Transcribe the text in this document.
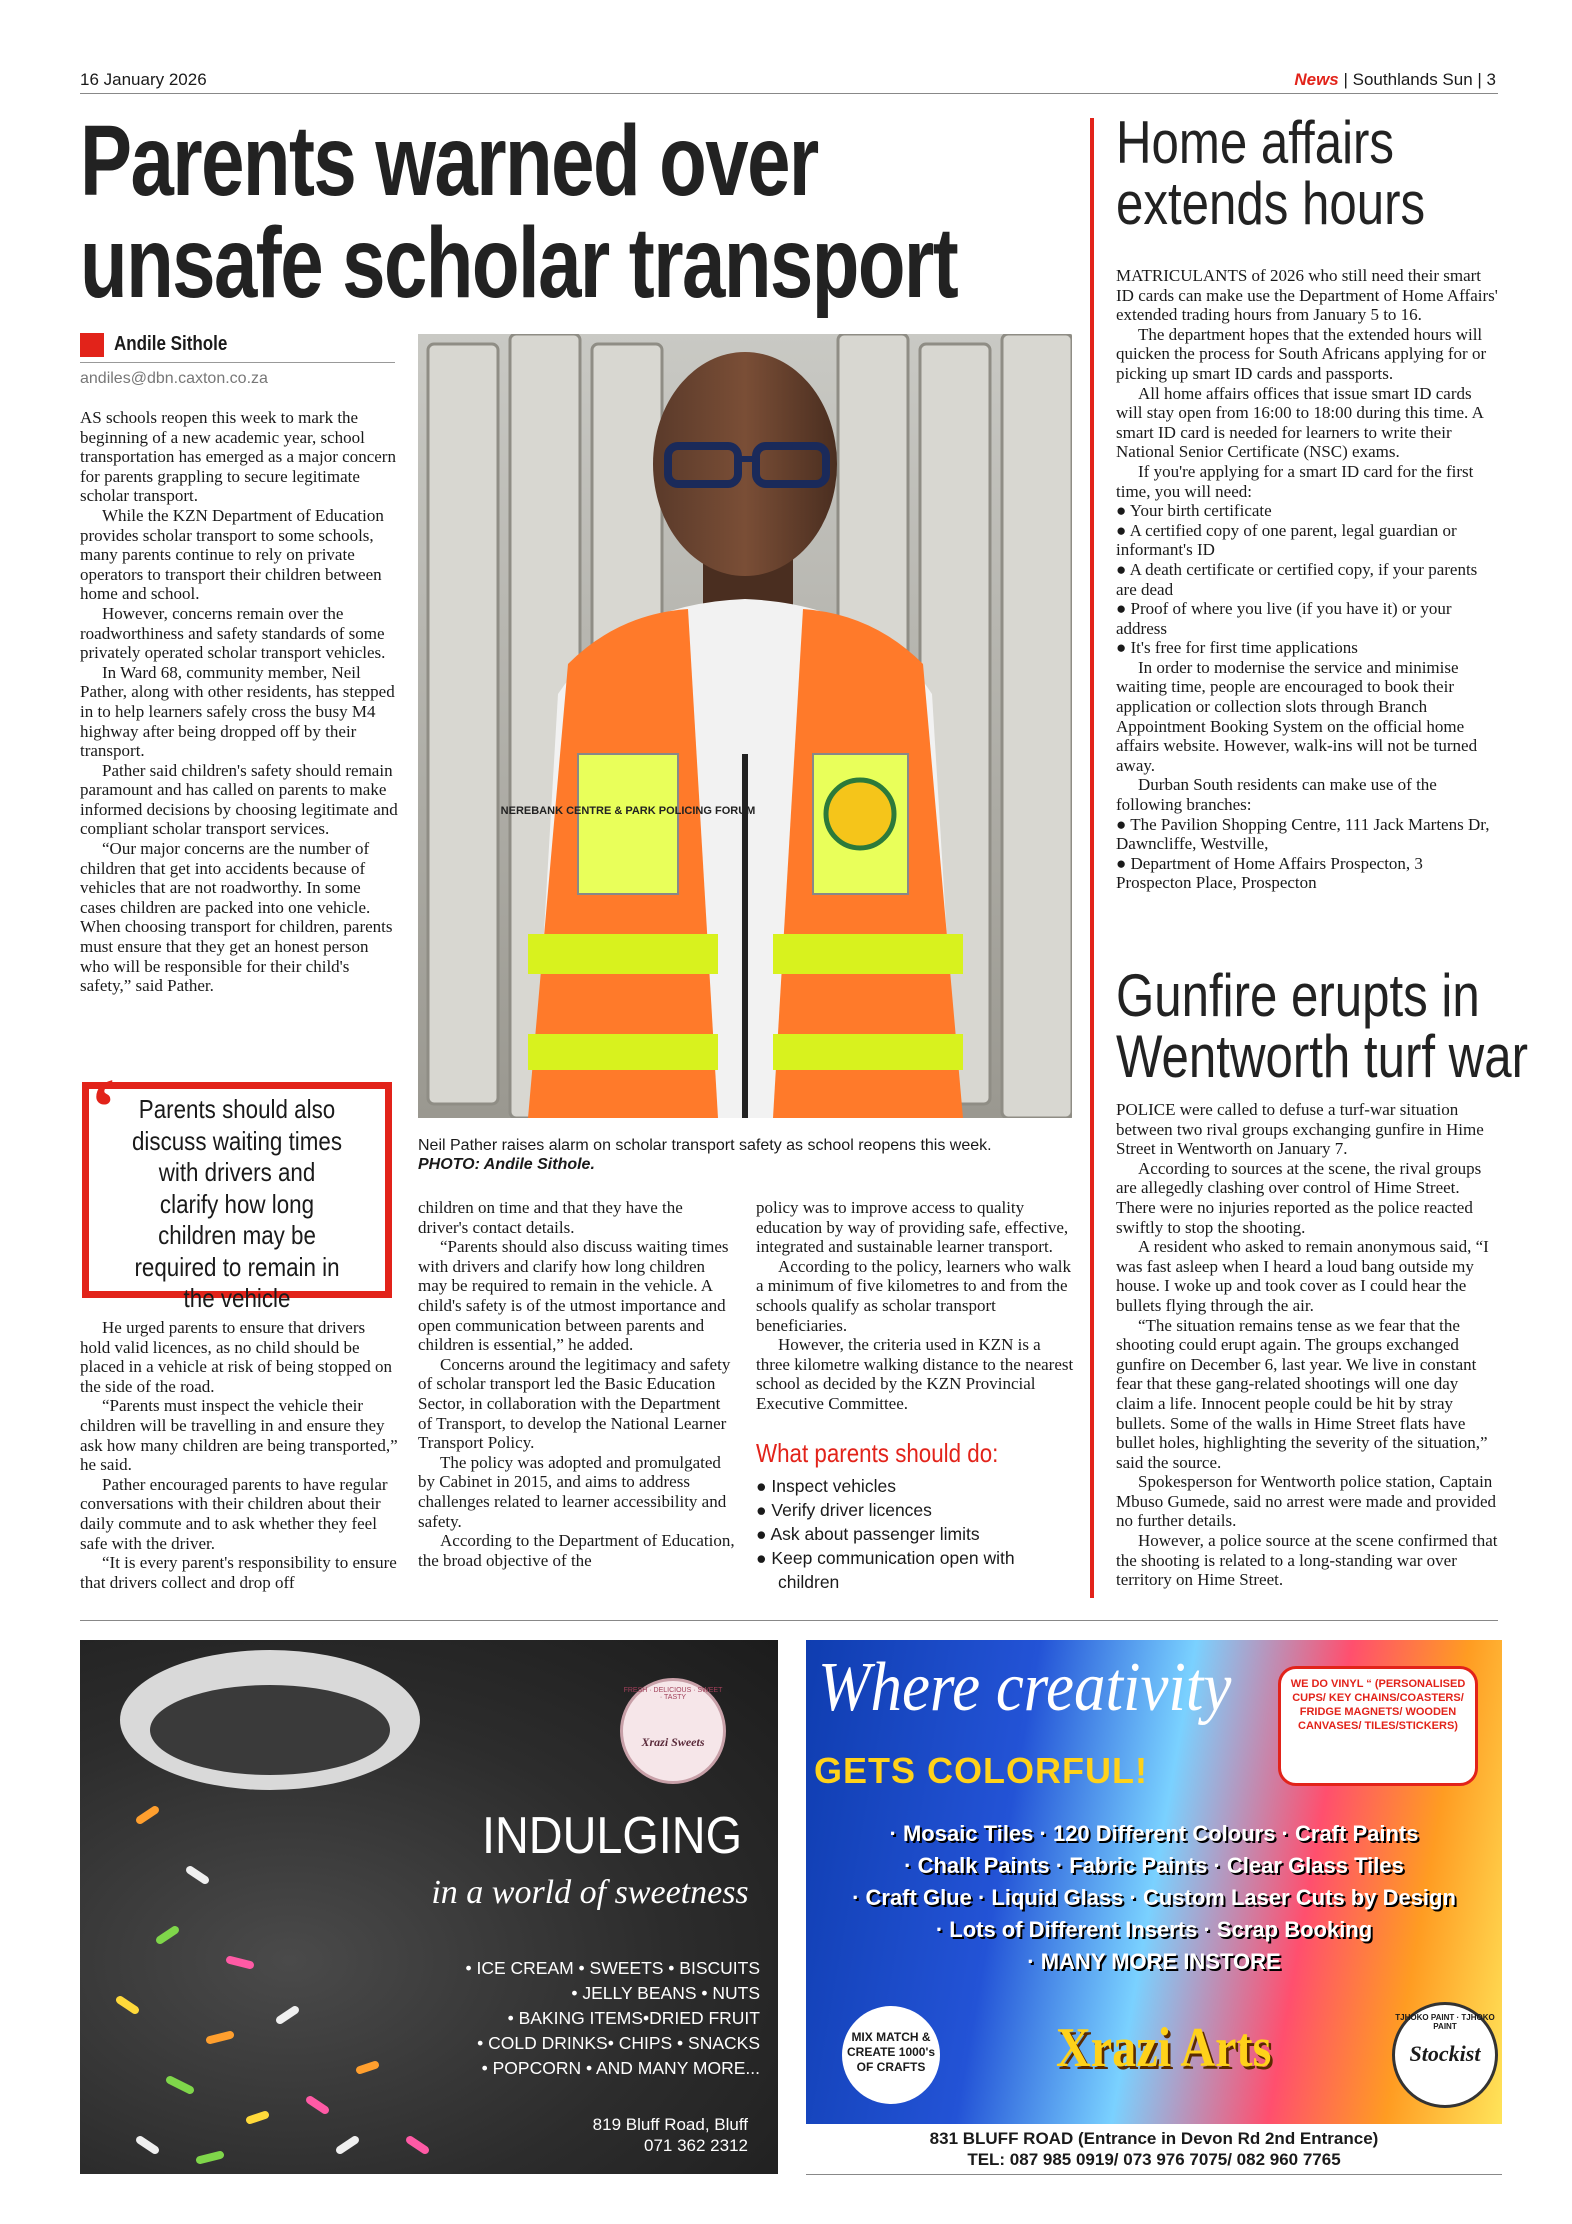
16 January 2026	News | Southlands Sun | 3
Parents warned over
unsafe scholar transport
Andile Sithole
andiles@dbn.caxton.co.za

AS schools reopen this week to mark the beginning of a new academic year, school transportation has emerged as a major concern for parents grappling to secure legitimate scholar transport.

While the KZN Department of Education provides scholar transport to some schools, many parents continue to rely on private operators to transport their children between home and school.

However, concerns remain over the roadworthiness and safety standards of some privately operated scholar transport vehicles.

In Ward 68, community member, Neil Pather, along with other residents, has stepped in to help learners safely cross the busy M4 highway after being dropped off by their transport.

Pather said children's safety should remain paramount and has called on parents to make informed decisions by choosing legitimate and compliant scholar transport services.

“Our major concerns are the number of children that get into accidents because of vehicles that are not roadworthy. In some cases children are packed into one vehicle. When choosing transport for children, parents must ensure that they get an honest person who will be responsible for their child's safety,” said Pather.

‘ Parents should also discuss waiting times with drivers and clarify how long children may be required to remain in the vehicle

He urged parents to ensure that drivers hold valid licences, as no child should be placed in a vehicle at risk of being stopped on the side of the road.

“Parents must inspect the vehicle their children will be travelling in and ensure they ask how many children are being transported,” he said.

Pather encouraged parents to have regular conversations with their children about their daily commute and to ask whether they feel safe with the driver.

“It is every parent's responsibility to ensure that drivers collect and drop off

NEREBANK CENTRE & PARK POLICING FORUM
Neil Pather raises alarm on scholar transport safety as school reopens this week.
PHOTO: Andile Sithole.

children on time and that they have the driver's contact details.

“Parents should also discuss waiting times with drivers and clarify how long children may be required to remain in the vehicle. A child's safety is of the utmost importance and open communication between parents and children is essential,” he added.

Concerns around the legitimacy and safety of scholar transport led the Basic Education Sector, in collaboration with the Department of Transport, to develop the National Learner Transport Policy.

The policy was adopted and promulgated by Cabinet in 2015, and aims to address challenges related to learner accessibility and safety.

According to the Department of Education, the broad objective of the

policy was to improve access to quality education by way of providing safe, effective, integrated and sustainable learner transport.

According to the policy, learners who walk a minimum of five kilometres to and from the schools qualify as scholar transport beneficiaries.

However, the criteria used in KZN is a three kilometre walking distance to the nearest school as decided by the KZN Provincial Executive Committee.

What parents should do:
● Inspect vehicles
● Verify driver licences
● Ask about passenger limits
● Keep communication open with children
Home affairs
extends hours

MATRICULANTS of 2026 who still need their smart ID cards can make use the Department of Home Affairs' extended trading hours from January 5 to 16.

The department hopes that the extended hours will quicken the process for South Africans applying for or picking up smart ID cards and passports.

All home affairs offices that issue smart ID cards will stay open from 16:00 to 18:00 during this time. A smart ID card is needed for learners to write their National Senior Certificate (NSC) exams.

If you're applying for a smart ID card for the first time, you will need:

● Your birth certificate

● A certified copy of one parent, legal guardian or informant's ID

● A death certificate or certified copy, if your parents are dead

● Proof of where you live (if you have it) or your address

● It's free for first time applications

In order to modernise the service and minimise waiting time, people are encouraged to book their application or collection slots through Branch Appointment Booking System on the official home affairs website. However, walk-ins will not be turned away.

Durban South residents can make use of the following branches:

● The Pavilion Shopping Centre, 111 Jack Martens Dr, Dawncliffe, Westville,

● Department of Home Affairs Prospecton, 3 Prospecton Place, Prospecton

Gunfire erupts in
Wentworth turf war

POLICE were called to defuse a turf-war situation between two rival groups exchanging gunfire in Hime Street in Wentworth on January 7.

According to sources at the scene, the rival groups are allegedly clashing over control of Hime Street. There were no injuries reported as the police reacted swiftly to stop the shooting.

A resident who asked to remain anonymous said, “I was fast asleep when I heard a loud bang outside my house. I woke up and took cover as I could hear the bullets flying through the air.

“The situation remains tense as we fear that the shooting could erupt again. The groups exchanged gunfire on December 6, last year. We live in constant fear that these gang-related shootings will one day claim a life. Innocent people could be hit by stray bullets. Some of the walls in Hime Street flats have bullet holes, highlighting the severity of the situation,” said the source.

Spokesperson for Wentworth police station, Captain Mbuso Gumede, said no arrest were made and provided no further details.

However, a police source at the scene confirmed that the shooting is related to a long-standing war over territory on Hime Street.

FRESH · DELICIOUS · SWEET · TASTY
Xrazi Sweets
INDULGING
in a world of sweetness
• ICE CREAM • SWEETS • BISCUITS
• JELLY BEANS • NUTS
• BAKING ITEMS•DRIED FRUIT
• COLD DRINKS• CHIPS • SNACKS
• POPCORN • AND MANY MORE...
819 Bluff Road, Bluff
071 362 2312
Where creativity
GETS COLORFUL!
WE DO VINYL “ (PERSONALISED CUPS/ KEY CHAINS/COASTERS/ FRIDGE MAGNETS/ WOODEN CANVASES/ TILES/STICKERS)
· Mosaic Tiles · 120 Different Colours · Craft Paints
· Chalk Paints · Fabric Paints · Clear Glass Tiles
· Craft Glue · Liquid Glass · Custom Laser Cuts by Design
· Lots of Different Inserts · Scrap Booking
· MANY MORE INSTORE
MIX MATCH & CREATE 1000's OF CRAFTS Xrazi Arts	TJHOKO PAINT · TJHOKO PAINT
Stockist
831 BLUFF ROAD (Entrance in Devon Rd 2nd Entrance)
TEL: 087 985 0919/ 073 976 7075/ 082 960 7765
